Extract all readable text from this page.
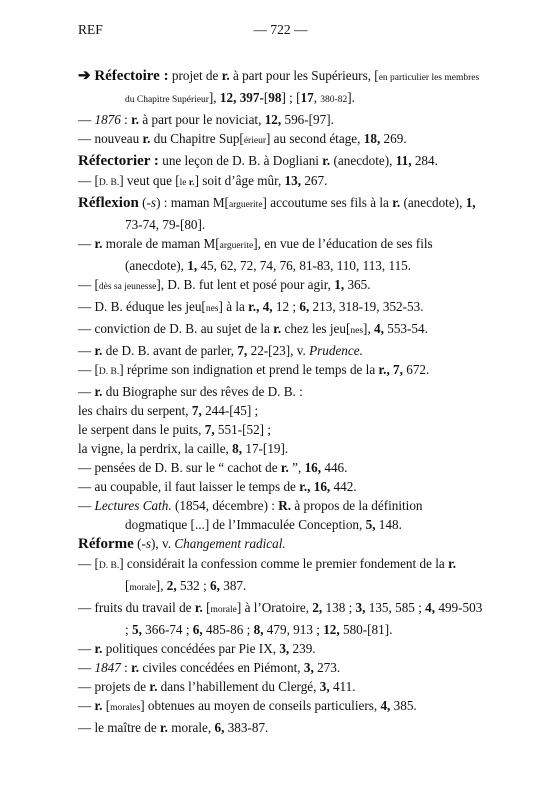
REF	— 722 —
➔ Réfectoire : projet de r. à part pour les Supérieurs, [en particulier les membres du Chapitre Supérieur], 12, 397-[98] ; [17, 380-82].
— 1876 : r. à part pour le noviciat, 12, 596-[97].
— nouveau r. du Chapitre Sup[érieur] au second étage, 18, 269.
Réfectorier : une leçon de D. B. à Dogliani r. (anecdote), 11, 284.
— [D. B.] veut que [le r.] soit d’âge mûr, 13, 267.
Réflexion (-s) : maman M[arguerite] accoutume ses fils à la r. (anecdote), 1, 73-74, 79-[80].
— r. morale de maman M[arguerite], en vue de l’éducation de ses fils (anecdote), 1, 45, 62, 72, 74, 76, 81-83, 110, 113, 115.
— [dès sa jeunesse], D. B. fut lent et posé pour agir, 1, 365.
— D. B. éduque les jeu[nes] à la r., 4, 12 ; 6, 213, 318-19, 352-53.
— conviction de D. B. au sujet de la r. chez les jeu[nes], 4, 553-54.
— r. de D. B. avant de parler, 7, 22-[23], v. Prudence.
— [D. B.] réprime son indignation et prend le temps de la r., 7, 672.
— r. du Biographe sur des rêves de D. B. :
les chairs du serpent, 7, 244-[45] ;
le serpent dans le puits, 7, 551-[52] ;
la vigne, la perdrix, la caille, 8, 17-[19].
— pensées de D. B. sur le “ cachot de r. ”, 16, 446.
— au coupable, il faut laisser le temps de r., 16, 442.
— Lectures Cath. (1854, décembre) : R. à propos de la définition dogmatique [...] de l’Immaculée Conception, 5, 148.
Réforme (-s), v. Changement radical.
— [D. B.] considérait la confession comme le premier fondement de la r. [morale], 2, 532 ; 6, 387.
— fruits du travail de r. [morale] à l’Oratoire, 2, 138 ; 3, 135, 585 ; 4, 499-503 ; 5, 366-74 ; 6, 485-86 ; 8, 479, 913 ; 12, 580-[81].
— r. politiques concédées par Pie IX, 3, 239.
— 1847 : r. civiles concédées en Piémont, 3, 273.
— projets de r. dans l’habillement du Clergé, 3, 411.
— r. [morales] obtenues au moyen de conseils particuliers, 4, 385.
— le maître de r. morale, 6, 383-87.
